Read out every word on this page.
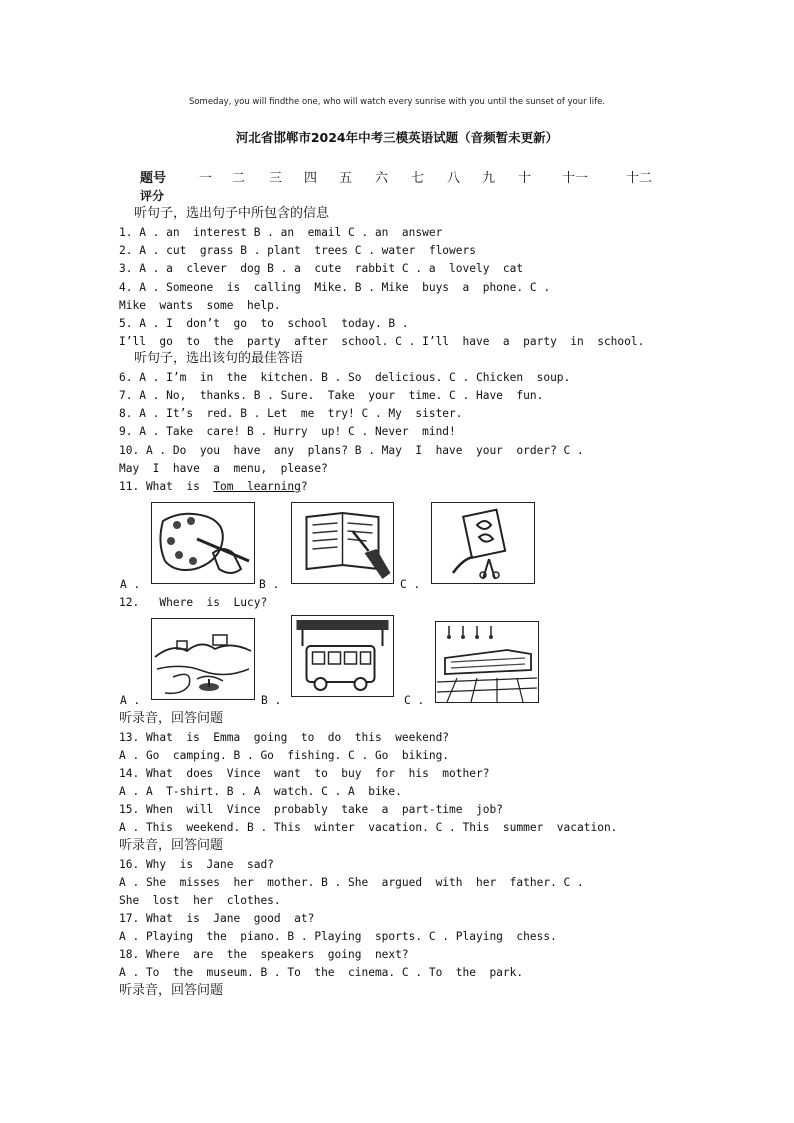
Someday, you will findthe one, who will watch every sunrise with you until the sunset of your life.
河北省邯郸市2024年中考三模英语试题（音频暂未更新）
题号	一 二 三 四 五 六 七 八 九 十 十一	十二
评分
听句子，选出句子中所包含的信息
1. A . an  interest B . an  email C . an  answer
2. A . cut  grass B . plant  trees C . water  flowers
3. A . a  clever  dog B . a  cute  rabbit C . a  lovely  cat
4. A . Someone  is  calling  Mike. B . Mike  buys  a  phone. C .
Mike  wants  some  help.
5. A . I  don’t  go  to  school  today. B .
I’ll  go  to  the  party  after  school. C . I’ll  have  a  party  in  school.
听句子，选出该句的最佳答语
6. A . I’m  in  the  kitchen. B . So  delicious. C . Chicken  soup.
7. A . No,  thanks. B . Sure.  Take  your  time. C . Have  fun.
8. A . It’s  red. B . Let  me  try! C . My  sister.
9. A . Take  care! B . Hurry  up! C . Never  mind!
10. A . Do  you  have  any  plans? B . May  I  have  your  order? C .
May  I  have  a  menu,  please?
11. What  is  Tom  learning?
A .	B .	C .
12.   Where  is  Lucy?
A .	B .	C .
听录音，回答问题
13. What  is  Emma  going  to  do  this  weekend?
A . Go  camping. B . Go  fishing. C . Go  biking.
14. What  does  Vince  want  to  buy  for  his  mother?
A . A  T-shirt. B . A  watch. C . A  bike.
15. When  will  Vince  probably  take  a  part-time  job?
A . This  weekend. B . This  winter  vacation. C . This  summer  vacation.
听录音，回答问题
16. Why  is  Jane  sad?
A . She  misses  her  mother. B . She  argued  with  her  father. C .
She  lost  her  clothes.
17. What  is  Jane  good  at?
A . Playing  the  piano. B . Playing  sports. C . Playing  chess.
18. Where  are  the  speakers  going  next?
A . To  the  museum. B . To  the  cinema. C . To  the  park.
听录音，回答问题
